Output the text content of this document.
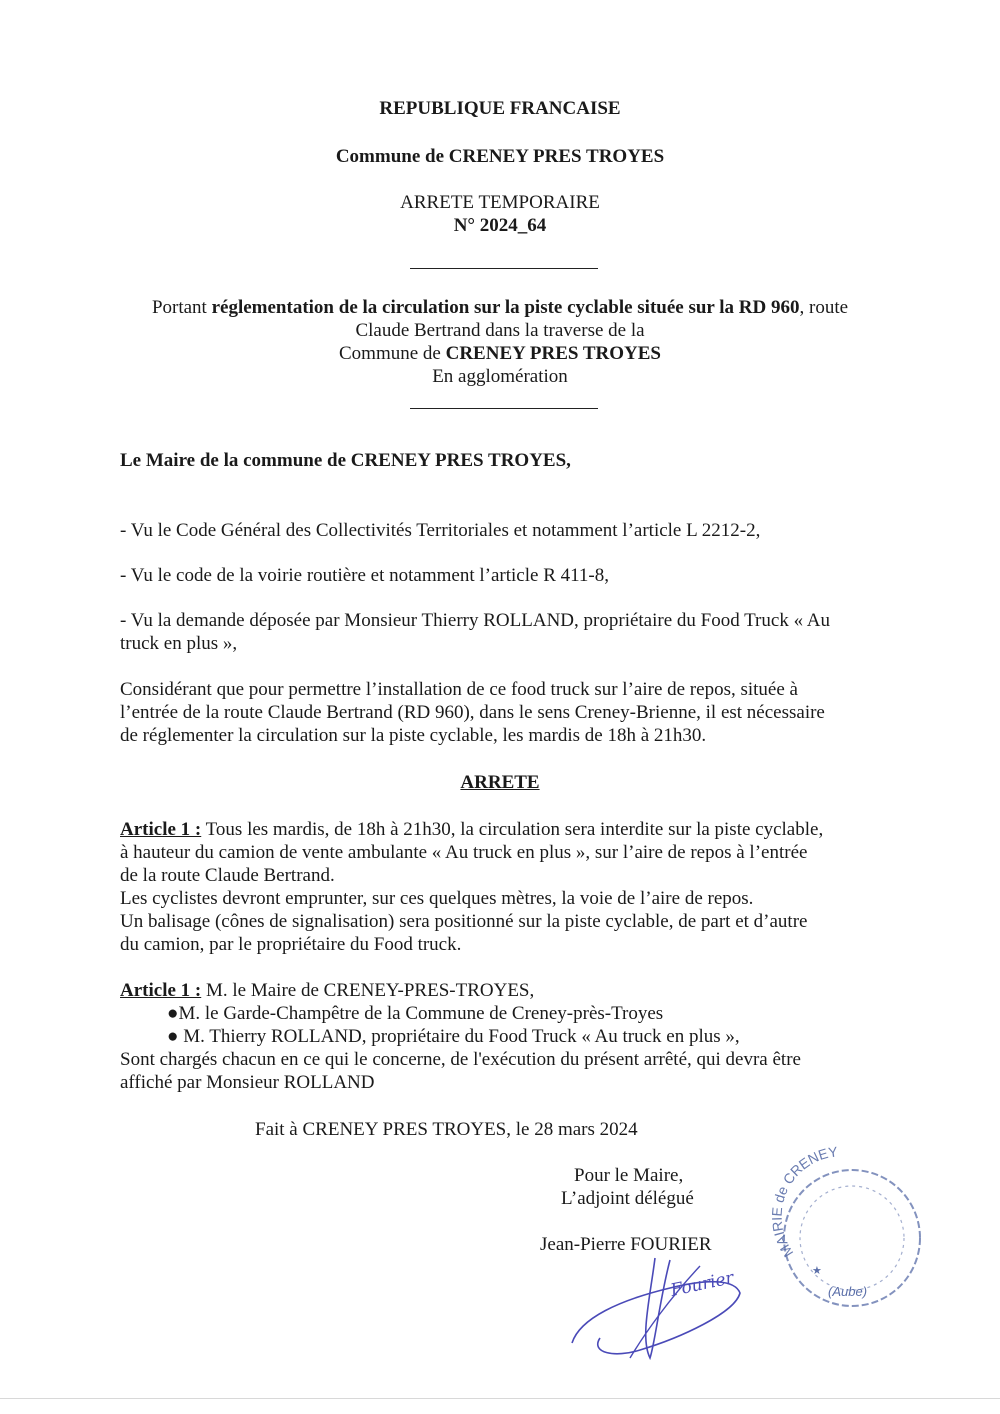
REPUBLIQUE FRANCAISE
Commune de CRENEY PRES TROYES
ARRETE TEMPORAIRE
N° 2024_64
Portant réglementation de la circulation sur la piste cyclable située sur la RD 960, route
Claude Bertrand dans la traverse de la
Commune de CRENEY PRES TROYES
En agglomération
Le Maire de la commune de CRENEY PRES TROYES,
- Vu le Code Général des Collectivités Territoriales et notamment l’article L 2212-2,
- Vu le code de la voirie routière et notamment l’article R 411-8,
- Vu la demande déposée par Monsieur Thierry ROLLAND, propriétaire du Food Truck « Au
truck en plus »,
Considérant que pour permettre l’installation de ce food truck sur l’aire de repos, située à
l’entrée de la route Claude Bertrand (RD 960), dans le sens Creney-Brienne, il est nécessaire
de réglementer la circulation sur la piste cyclable, les mardis de 18h à 21h30.
ARRETE
Article 1 : Tous les mardis, de 18h à 21h30, la circulation sera interdite sur la piste cyclable,
à hauteur du camion de vente ambulante « Au truck en plus », sur l’aire de repos à l’entrée
de la route Claude Bertrand.
Les cyclistes devront emprunter, sur ces quelques mètres, la voie de l’aire de repos.
Un balisage (cônes de signalisation) sera positionné sur la piste cyclable, de part et d’autre
du camion, par le propriétaire du Food truck.
Article 1 : M. le Maire de CRENEY-PRES-TROYES,
●M. le Garde-Champêtre de la Commune de Creney-près-Troyes
● M. Thierry ROLLAND, propriétaire du Food Truck « Au truck en plus »,
Sont chargés chacun en ce qui le concerne, de l'exécution du présent arrêté, qui devra être
affiché par Monsieur ROLLAND
Fait à CRENEY PRES TROYES, le 28 mars 2024
Pour le Maire,
L’adjoint délégué
Jean-Pierre FOURIER	MAIRIE de CRENEY
★
(Aube)
Fourier
